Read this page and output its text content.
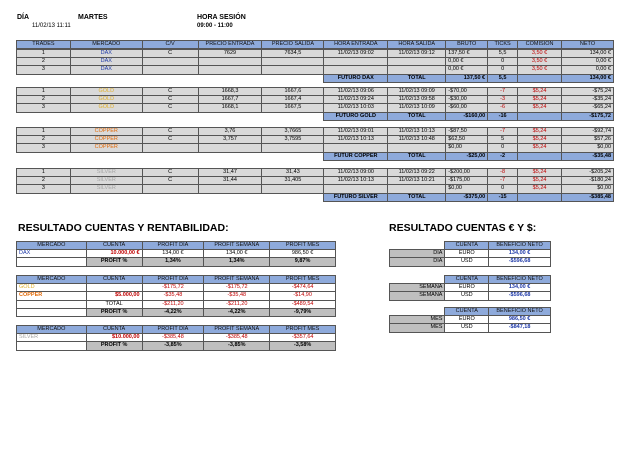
DÍA
11/02/13 11:11
MARTES	HORA SESIÓN
09:00 - 11:00
TRADES	MERCADO	C/V	PRECIO ENTRADA	PRECIO SALIDA	HORA ENTRADA	HORA SALIDA	BRUTO	TICKS	COMISIÓN	NETO
1	DAX	C	7629	7634,5	11/02/13 09:02	11/02/13 09:12	137,50 €	5,5	3,50 €	134,00 €
2	DAX						0,00 €	0	3,50 €	0,00 €
3	DAX						0,00 €	0	3,50 €	0,00 €
					FUTURO DAX	TOTAL	137,50 €	5,5		134,00 €
1	GOLD	C	1668,3	1667,6	11/02/13 09:06	11/02/13 09:09	-$70,00	-7	$5,24	-$75,24
2	GOLD	C	1667,7	1667,4	11/02/13 09:24	11/02/13 09:58	-$30,00	-3	$5,24	-$35,24
3	GOLD	C	1668,1	1667,5	11/02/13 10:03	11/02/13 10:09	-$60,00	-6	$5,24	-$65,24
					FUTURO GOLD	TOTAL	-$160,00	-16		-$175,72
1	COPPER	C	3,76	3,7665	11/02/13 09:01	11/02/13 10:13	-$87,50	-7	$5,24	-$92,74
2	COPPER	C	3,757	3,7595	11/02/13 10:13	11/02/13 10:48	$62,50	5	$5,24	$57,26
3	COPPER						$0,00	0	$5,24	$0,00
					FUTUR COPPER	TOTAL	-$25,00	-2		-$35,48
1	SILVER	C	31,47	31,43	11/02/13 09:00	11/02/13 09:22	-$200,00	-8	$5,24	-$205,24
2	SILVER	C	31,44	31,405	11/02/13 10:13	11/02/13 10:21	-$175,00	-7	$5,24	-$180,24
3	SILVER						$0,00	0	$5,24	$0,00
					FUTURO SILVER	TOTAL	-$375,00	-15		-$385,48
RESULTADO CUENTAS Y RENTABILIDAD:	RESULTADO CUENTAS € Y $:
MERCADO	CUENTA	PROFIT DÍA	PROFIT SEMANA	PROFIT MES
DAX	10.000,00 €	134,00 €	134,00 €	986,50 €
	PROFIT %	1,34%	1,34%	9,87%
MERCADO	CUENTA	PROFIT DÍA	PROFIT SEMANA	PROFIT MES
GOLD		-$175,72	-$175,72	-$474,64
COPPER	$5.000,00	-$35,48	-$35,48	-$14,90
	TOTAL	-$211,20	-$211,20	-$489,54
	PROFIT %	-4,22%	-4,22%	-9,79%
MERCADO	CUENTA	PROFIT DÍA	PROFIT SEMANA	PROFIT MES
SILVER	$10.000,00	-$385,48	-$385,48	-$357,64
	PROFIT %	-3,85%	-3,85%	-3,58%
	CUENTA	BENEFICIO NETO
DÍA	EURO	134,00 €
DÍA	USD	-$596,68
	CUENTA	BENEFICIO NETO
SEMANA	EURO	134,00 €
SEMANA	USD	-$596,68
	CUENTA	BENEFICIO NETO
MES	EURO	986,50 €
MES	USD	-$847,18
